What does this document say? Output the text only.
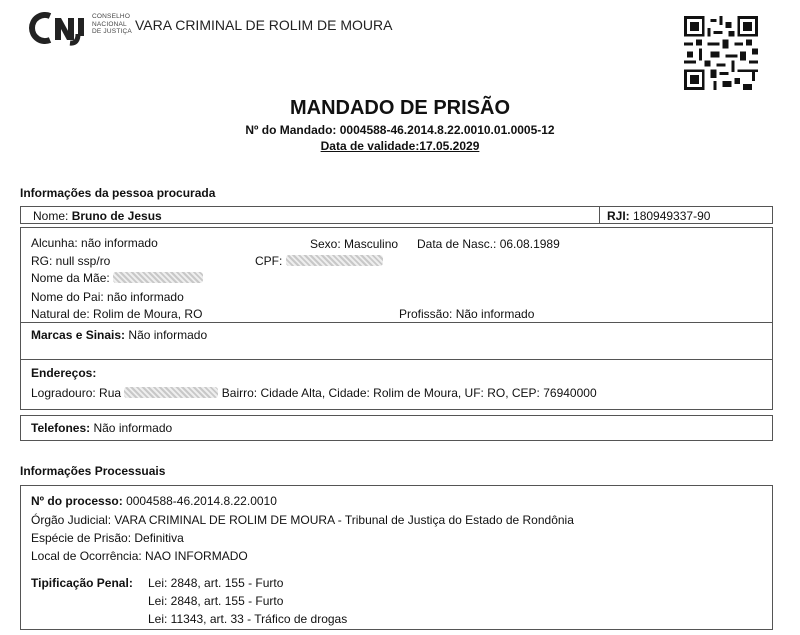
CONSELHO
NACIONAL
DE JUSTIÇA VARA CRIMINAL DE ROLIM DE MOURA
MANDADO DE PRISÃO
Nº do Mandado: 0004588-46.2014.8.22.0010.01.0005-12
Data de validade:17.05.2029
Informações da pessoa procurada
Nome: Bruno de Jesus	RJI: 180949337-90
Alcunha: não informado	Sexo: Masculino Data de Nasc.: 06.08.1989
RG: null ssp/ro	CPF:
Nome da Mãe:
Nome do Pai: não informado
Natural de: Rolim de Moura, RO	Profissão: Não informado
Marcas e Sinais: Não informado
Endereços:
Logradouro: Rua	Bairro: Cidade Alta, Cidade: Rolim de Moura, UF: RO, CEP: 76940000
Telefones: Não informado
Informações Processuais
Nº do processo: 0004588-46.2014.8.22.0010
Órgão Judicial: VARA CRIMINAL DE ROLIM DE MOURA - Tribunal de Justiça do Estado de Rondônia
Espécie de Prisão: Definitiva
Local de Ocorrência: NAO INFORMADO
Tipificação Penal: Lei: 2848, art. 155 - Furto
Lei: 2848, art. 155 - Furto
Lei: 11343, art. 33 - Tráfico de drogas
